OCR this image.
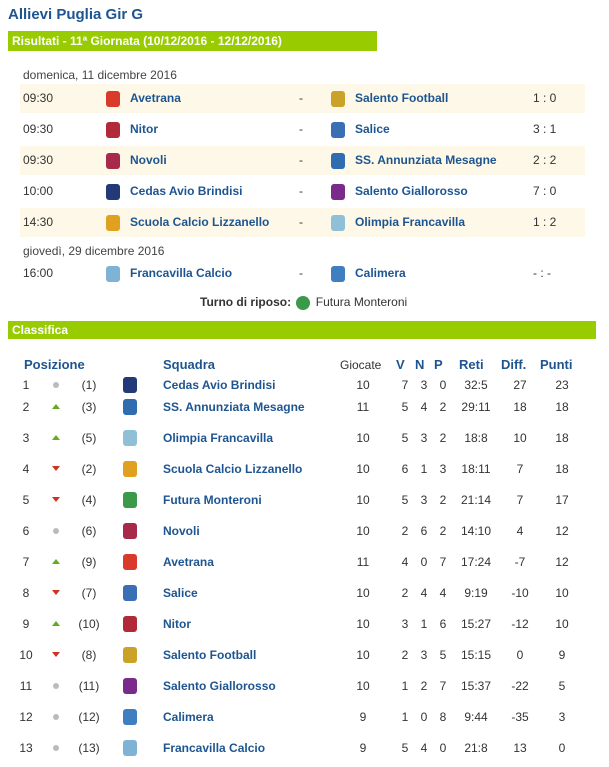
Allievi Puglia Gir G
Risultati - 11ª Giornata (10/12/2016 - 12/12/2016)
domenica, 11 dicembre 2016
09:30	Avetrana	-	Salento Football	1 : 0
09:30	Nitor	-	Salice	3 : 1
09:30	Novoli	-	SS. Annunziata Mesagne	2 : 2
10:00	Cedas Avio Brindisi	-	Salento Giallorosso	7 : 0
14:30	Scuola Calcio Lizzanello -	Olimpia Francavilla	1 : 2
giovedì, 29 dicembre 2016
16:00	Francavilla Calcio	-	Calimera	- : -
Turno di riposo: Futura Monteroni
Classifica
Posizione	Squadra	Giocate V N P Reti Diff. Punti
1	(1)	Cedas Avio Brindisi	10	7	3	0	32:5	27	23
2	(3)	SS. Annunziata Mesagne	11	5	4	2	29:11	18	18
3	(5)	Olimpia Francavilla	10	5	3	2	18:8	10	18
4	(2)	Scuola Calcio Lizzanello	10	6	1	3	18:11	7	18
5	(4)	Futura Monteroni	10	5	3	2	21:14	7	17
6	(6)	Novoli	10	2	6	2	14:10	4	12
7	(9)	Avetrana	11	4	0	7	17:24	-7	12
8	(7)	Salice	10	2	4	4	9:19	-10	10
9	(10)	Nitor	10	3	1	6	15:27	-12	10
10	(8)	Salento Football	10	2	3	5	15:15	0	9
11	(11)	Salento Giallorosso	10	1	2	7	15:37	-22	5
12	(12)	Calimera	9	1	0	8	9:44	-35	3
13	(13)	Francavilla Calcio	9	5	4	0	21:8	13	0
